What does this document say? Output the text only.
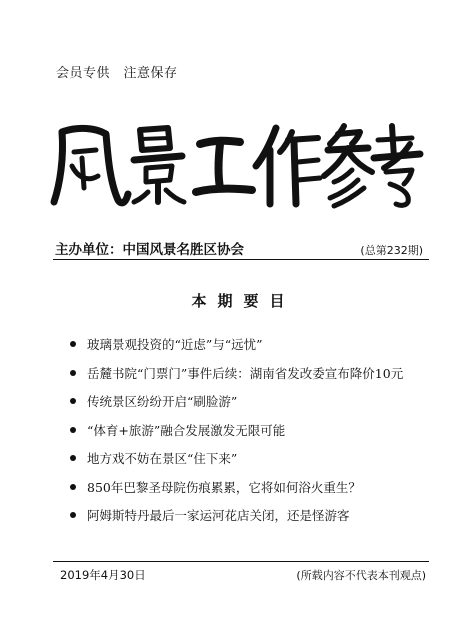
会员专供　注意保存
主办单位：中国风景名胜区协会	(总第232期)
本期要目
玻璃景观投资的“近虑”与“远忧”
岳麓书院“门票门”事件后续：湖南省发改委宣布降价10元
传统景区纷纷开启“刷脸游”
“体育+旅游”融合发展激发无限可能
地方戏不妨在景区“住下来”
850年巴黎圣母院伤痕累累，它将如何浴火重生？
阿姆斯特丹最后一家运河花店关闭，还是怪游客
2019年4月30日	(所载内容不代表本刊观点)
